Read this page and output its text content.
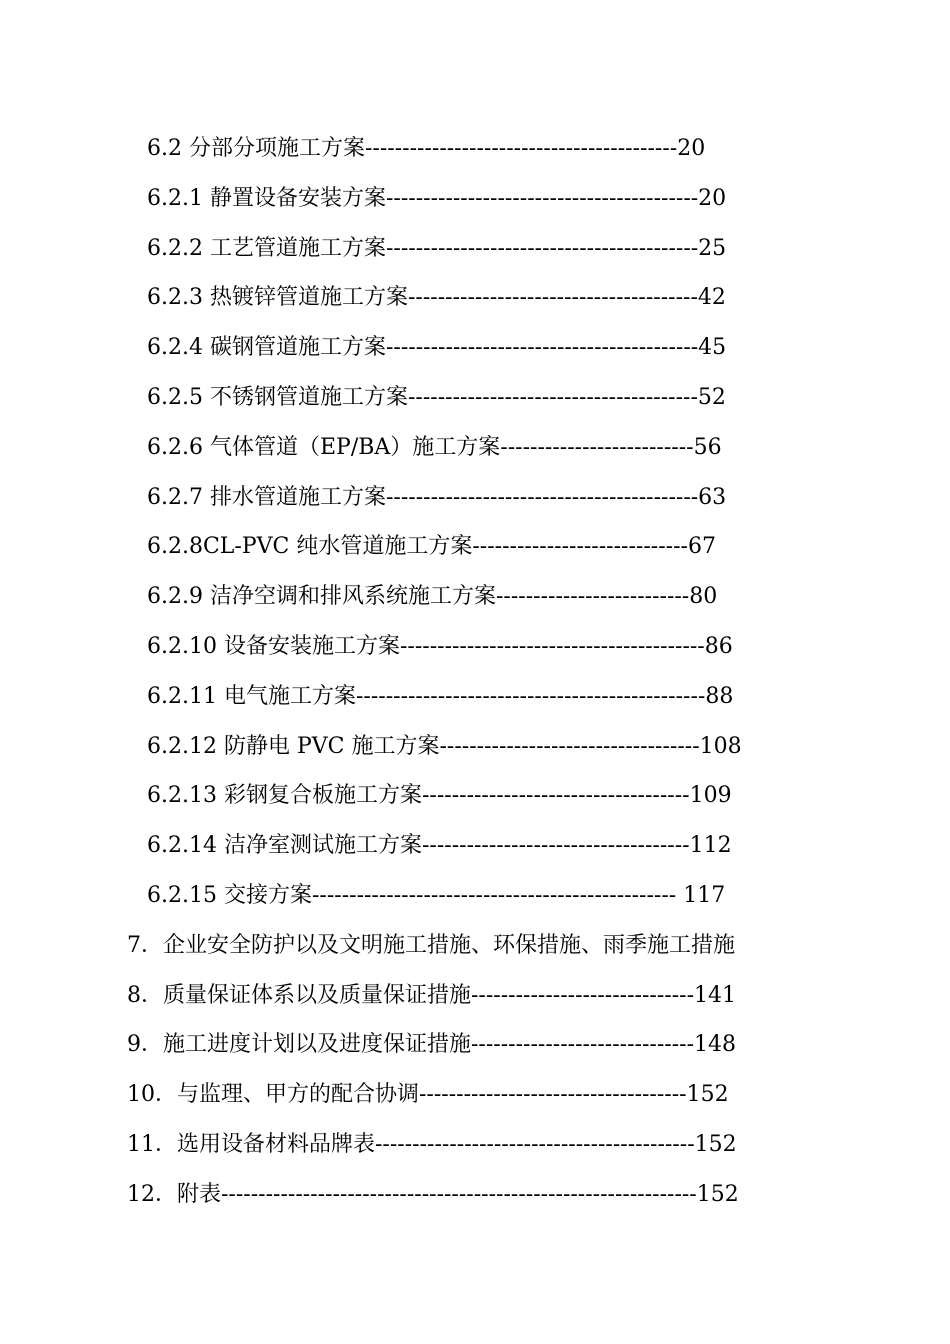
6.2 分部分项施工方案------------------------------------------20
6.2.1 静置设备安装方案------------------------------------------20
6.2.2 工艺管道施工方案------------------------------------------25
6.2.3 热镀锌管道施工方案---------------------------------------42
6.2.4 碳钢管道施工方案------------------------------------------45
6.2.5 不锈钢管道施工方案---------------------------------------52
6.2.6 气体管道（EP/BA）施工方案--------------------------56
6.2.7 排水管道施工方案------------------------------------------63
6.2.8CL-PVC 纯水管道施工方案-----------------------------67
6.2.9 洁净空调和排风系统施工方案--------------------------80
6.2.10 设备安装施工方案-----------------------------------------86
6.2.11 电气施工方案-----------------------------------------------88
6.2.12 防静电 PVC 施工方案-----------------------------------108
6.2.13 彩钢复合板施工方案------------------------------------109
6.2.14 洁净室测试施工方案------------------------------------112
6.2.15 交接方案------------------------------------------------- 117
7．企业安全防护以及文明施工措施、环保措施、雨季施工措施
8．质量保证体系以及质量保证措施------------------------------141
9．施工进度计划以及进度保证措施------------------------------148
10．与监理、甲方的配合协调------------------------------------152
11．选用设备材料品牌表-------------------------------------------152
12．附表----------------------------------------------------------------152
